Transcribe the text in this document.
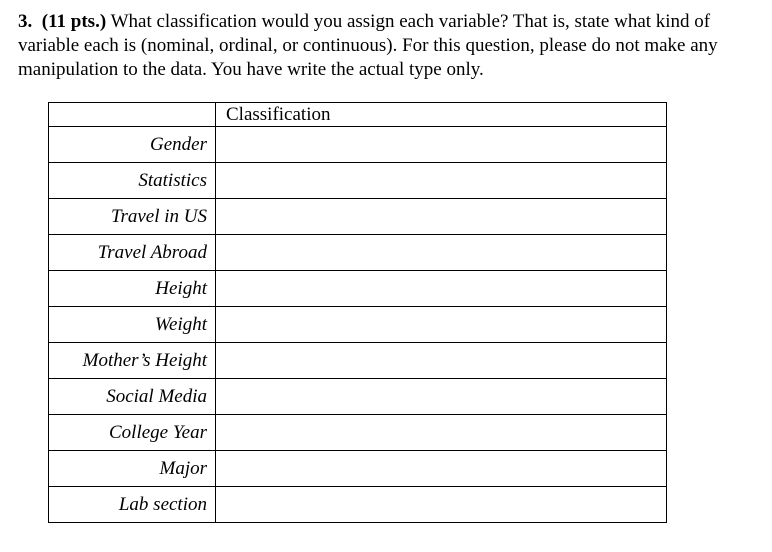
3. (11 pts.) What classification would you assign each variable? That is, state what kind of variable each is (nominal, ordinal, or continuous). For this question, please do not make any manipulation to the data. You have write the actual type only.

	Classification
Gender	
Statistics	
Travel in US	
Travel Abroad	
Height	
Weight	
Mother’s Height	
Social Media	
College Year	
Major	
Lab section	
